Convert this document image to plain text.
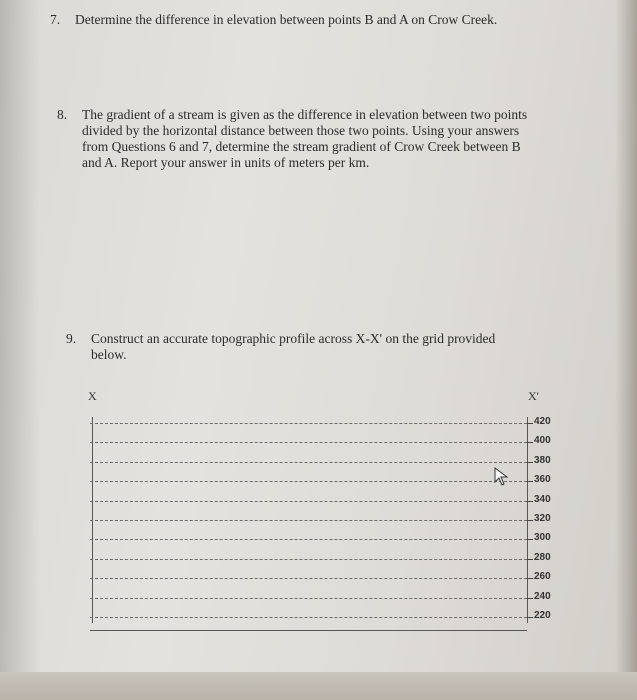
7. Determine the difference in elevation between points B and A on Crow Creek.
8. The gradient of a stream is given as the difference in elevation between two points
divided by the horizontal distance between those two points. Using your answers
from Questions 6 and 7, determine the stream gradient of Crow Creek between B
and A. Report your answer in units of meters per km.
9. Construct an accurate topographic profile across X-X' on the grid provided
below.
X	X'
420
400
380
360
340
320
300
280
260
240
220
